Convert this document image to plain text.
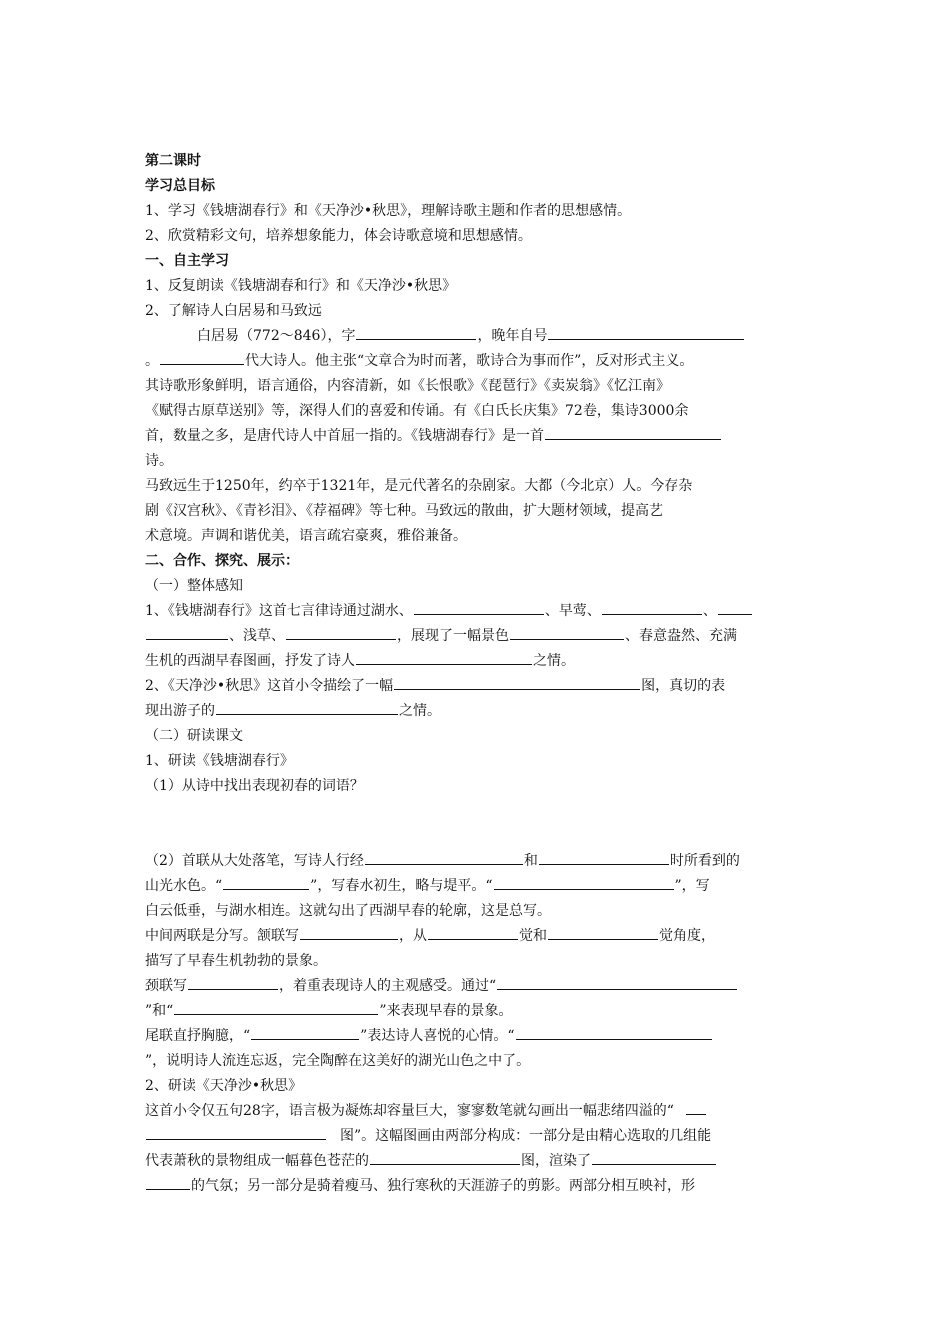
第二课时
学习总目标
1、学习《钱塘湖春行》和《天净沙•秋思》，理解诗歌主题和作者的思想感情。
2、欣赏精彩文句，培养想象能力，体会诗歌意境和思想感情。
一、自主学习
1、反复朗读《钱塘湖春和行》和《天净沙•秋思》
2、了解诗人白居易和马致远
白居易（772～846），字	，晚年自号
。	代大诗人。他主张“文章合为时而著，歌诗合为事而作”，反对形式主义。
其诗歌形象鲜明，语言通俗，内容清新，如《长恨歌》《琵琶行》《卖炭翁》《忆江南》
《赋得古原草送别》等，深得人们的喜爱和传诵。有《白氏长庆集》72卷，集诗3000余
首，数量之多，是唐代诗人中首屈一指的。《钱塘湖春行》是一首
诗。
马致远生于1250年，约卒于1321年，是元代著名的杂剧家。大都（今北京）人。今存杂
剧《汉宫秋》、《青衫泪》、《荐福碑》等七种。马致远的散曲，扩大题材领域，提高艺
术意境。声调和谐优美，语言疏宕豪爽，雅俗兼备。
二、合作、探究、展示：
（一）整体感知
1、《钱塘湖春行》这首七言律诗通过湖水、	、早莺、	、
、浅草、	，展现了一幅景色	、春意盎然、充满
生机的西湖早春图画，抒发了诗人	之情。
2、《天净沙•秋思》这首小令描绘了一幅	图，真切的表
现出游子的	之情。
（二）研读课文
1、研读《钱塘湖春行》
（1）从诗中找出表现初春的词语？
（2）首联从大处落笔，写诗人行经	和	时所看到的
山光水色。“	”，写春水初生，略与堤平。“	”，写
白云低垂，与湖水相连。这就勾出了西湖早春的轮廓，这是总写。
中间两联是分写。颔联写	，从	觉和	觉角度，
描写了早春生机勃勃的景象。
颈联写	，着重表现诗人的主观感受。通过“
”和“	”来表现早春的景象。
尾联直抒胸臆，“	”表达诗人喜悦的心情。“
”，说明诗人流连忘返，完全陶醉在这美好的湖光山色之中了。
2、研读《天净沙•秋思》
这首小令仅五句28字，语言极为凝炼却容量巨大，寥寥数笔就勾画出一幅悲绪四溢的“
图”。这幅图画由两部分构成：一部分是由精心选取的几组能
代表萧秋的景物组成一幅暮色苍茫的	图，渲染了
的气氛；另一部分是骑着瘦马、独行寒秋的天涯游子的剪影。两部分相互映衬，形
